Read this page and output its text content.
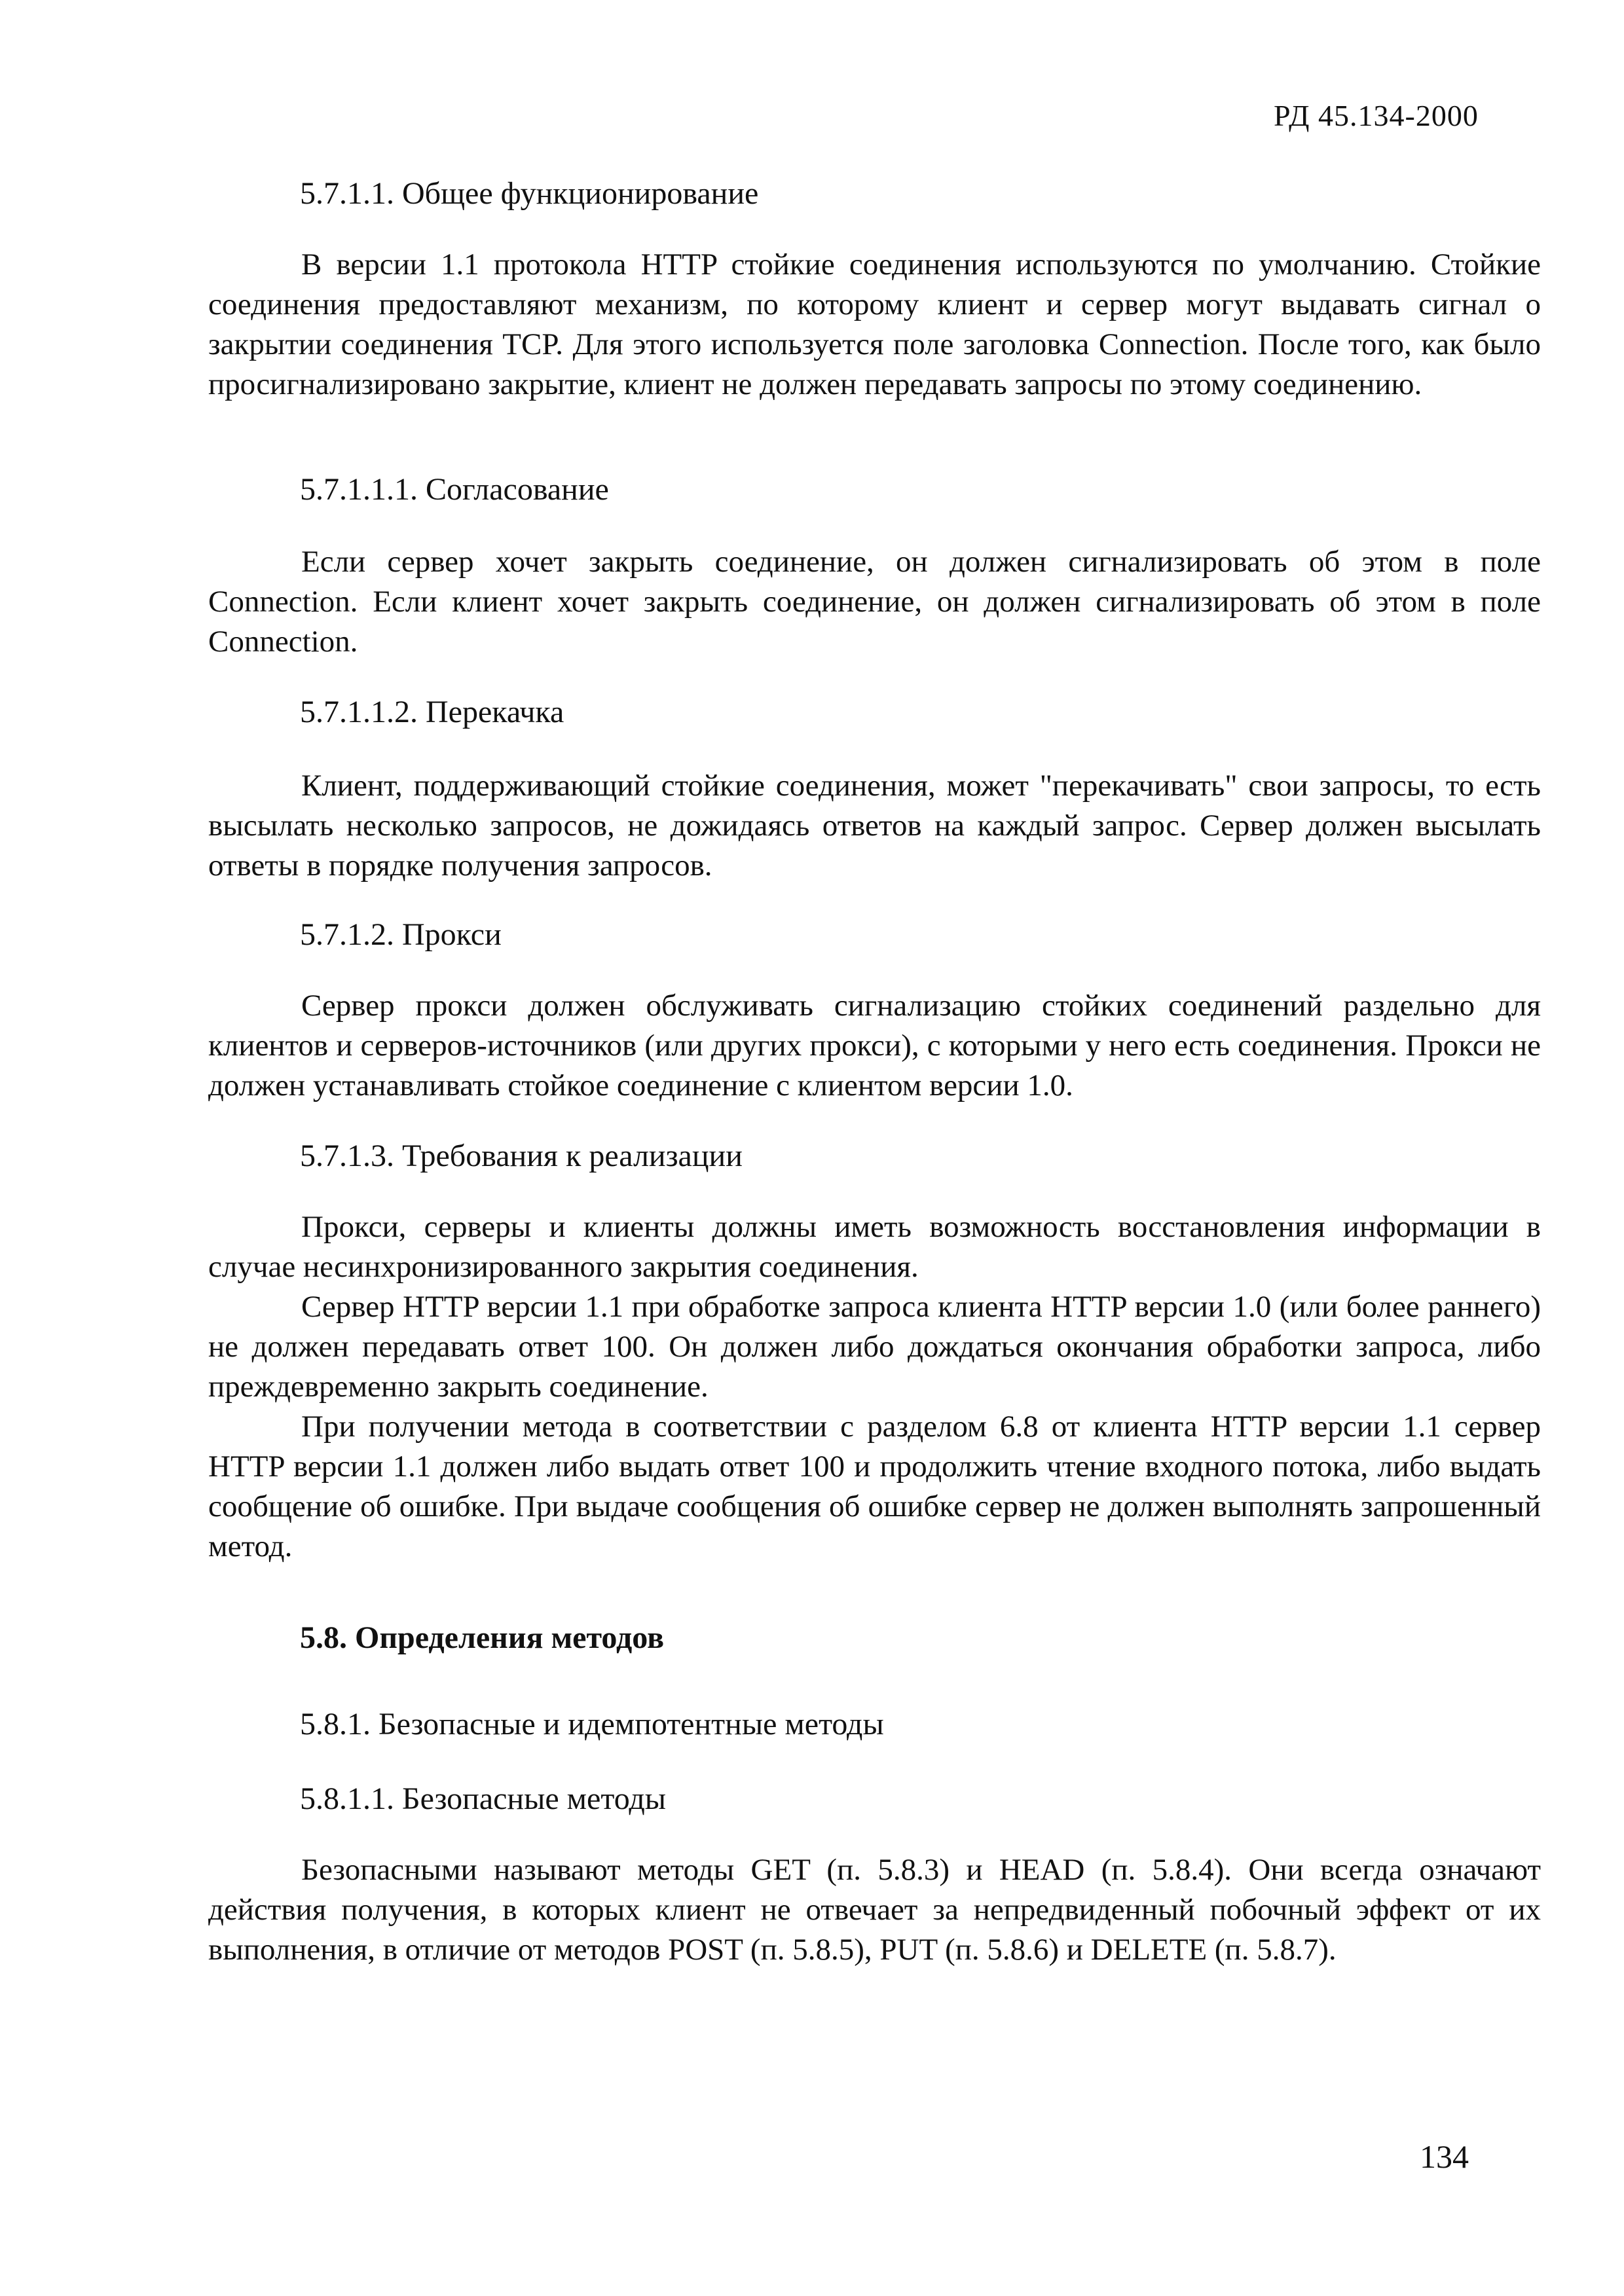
РД 45.134-2000
5.7.1.1. Общее функционирование
В версии 1.1 протокола HTTP стойкие соединения используются по умолчанию. Стойкие соединения предоставляют механизм, по которому клиент и сервер могут выдавать сигнал о закрытии соединения TCP. Для этого используется поле заголовка Connection. После того, как было просигнализировано закрытие, клиент не должен передавать запросы по этому соединению.
5.7.1.1.1. Согласование
Если сервер хочет закрыть соединение, он должен сигнализировать об этом в поле Connection. Если клиент хочет закрыть соединение, он должен сигнализировать об этом в поле Connection.
5.7.1.1.2. Перекачка
Клиент, поддерживающий стойкие соединения, может "перекачивать" свои запросы, то есть высылать несколько запросов, не дожидаясь ответов на каждый запрос. Сервер должен высылать ответы в порядке получения запросов.
5.7.1.2. Прокси
Сервер прокси должен обслуживать сигнализацию стойких соединений раздельно для клиентов и серверов-источников (или других прокси), с которыми у него есть соединения. Прокси не должен устанавливать стойкое соединение с клиентом версии 1.0.
5.7.1.3. Требования к реализации
Прокси, серверы и клиенты должны иметь возможность восстановления информации в случае несинхронизированного закрытия соединения.
Сервер HTTP версии 1.1 при обработке запроса клиента HTTP версии 1.0 (или более раннего) не должен передавать ответ 100. Он должен либо дождаться окончания обработки запроса, либо преждевременно закрыть соединение.
При получении метода в соответствии с разделом 6.8 от клиента HTTP версии 1.1 сервер HTTP версии 1.1 должен либо выдать ответ 100 и продолжить чтение входного потока, либо выдать сообщение об ошибке. При выдаче сообщения об ошибке сервер не должен выполнять запрошенный метод.
5.8. Определения методов
5.8.1. Безопасные и идемпотентные методы
5.8.1.1. Безопасные методы
Безопасными называют методы GET (п. 5.8.3) и HEAD (п. 5.8.4). Они всегда означают действия получения, в которых клиент не отвечает за непредвиденный побочный эффект от их выполнения, в отличие от методов POST (п. 5.8.5), PUT (п. 5.8.6) и DELETE (п. 5.8.7).
134
